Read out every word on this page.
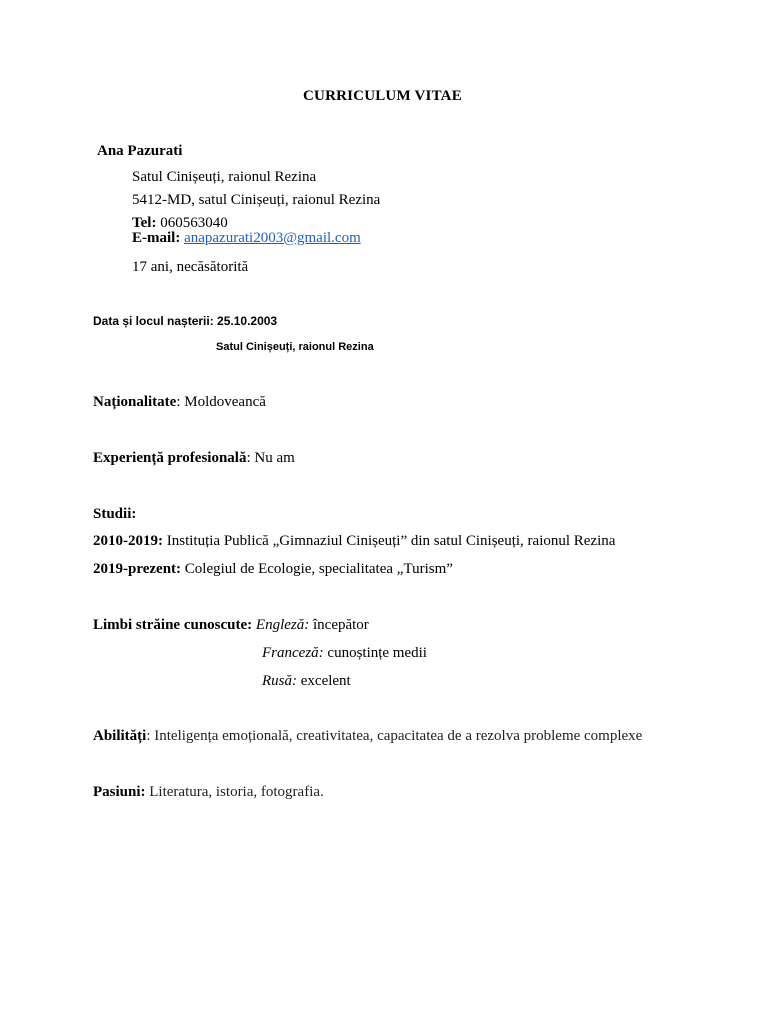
CURRICULUM VITAE
Ana Pazurati
Satul Cinișeuți, raionul Rezina
5412-MD, satul Cinișeuți, raionul Rezina
Tel: 060563040
E-mail: anapazurati2003@gmail.com
17 ani, necăsătorită
Data și locul nașterii: 25.10.2003
Satul Cinișeuți, raionul Rezina
Naționalitate: Moldoveancă
Experiență profesională: Nu am
Studii:
2010-2019: Instituția Publică „Gimnaziul Cinișeuți” din satul Cinișeuți, raionul Rezina
2019-prezent: Colegiul de Ecologie, specialitatea „Turism”
Limbi străine cunoscute: Engleză: începător
Franceză: cunoștințe medii
Rusă: excelent
Abilități: Inteligența emoțională, creativitatea, capacitatea de a rezolva probleme complexe
Pasiuni: Literatura, istoria, fotografia.
